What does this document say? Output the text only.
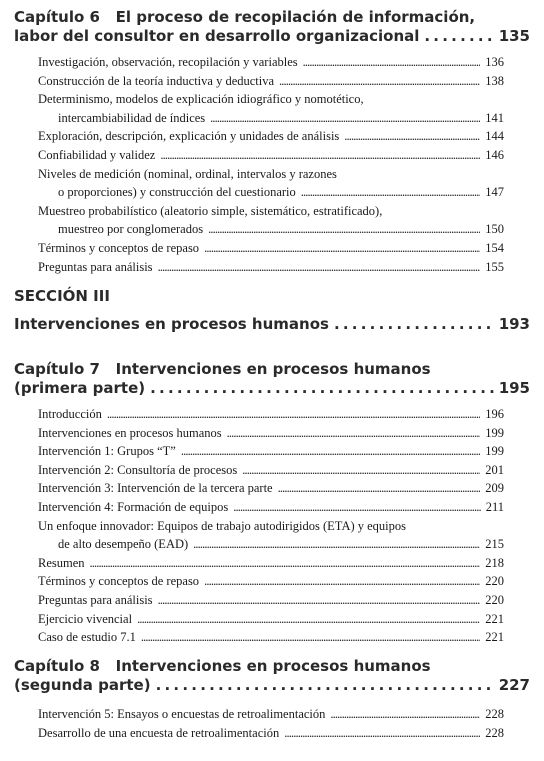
Capítulo 6   El proceso de recopilación de información,
labor del consultor en desarrollo organizacional . . .	135
Investigación, observación, recopilación y variables . . .	136
Construcción de la teoría inductiva y deductiva . . .	138
Determinismo, modelos de explicación idiográfico y nomotético,
intercambiabilidad de índices . . .	141
Exploración, descripción, explicación y unidades de análisis . . .	144
Confiabilidad y validez . . .	146
Niveles de medición (nominal, ordinal, intervalos y razones
o proporciones) y construcción del cuestionario . . .	147
Muestreo probabilístico (aleatorio simple, sistemático, estratificado),
muestreo por conglomerados . . .	150
Términos y conceptos de repaso . . .	154
Preguntas para análisis . . .	155
SECCIÓN III
Intervenciones en procesos humanos . . .	193
Capítulo 7   Intervenciones en procesos humanos
(primera parte) . . .	195
Introducción . . .	196
Intervenciones en procesos humanos . . .	199
Intervención 1: Grupos “T” . . .	199
Intervención 2: Consultoría de procesos . . .	201
Intervención 3: Intervención de la tercera parte . . .	209
Intervención 4: Formación de equipos . . .	211
Un enfoque innovador: Equipos de trabajo autodirigidos (ETA) y equipos
de alto desempeño (EAD) . . .	215
Resumen . . .	218
Términos y conceptos de repaso . . .	220
Preguntas para análisis . . .	220
Ejercicio vivencial . . .	221
Caso de estudio 7.1 . . .	221
Capítulo 8   Intervenciones en procesos humanos
(segunda parte) . . .	227
Intervención 5: Ensayos o encuestas de retroalimentación . . .	228
Desarrollo de una encuesta de retroalimentación . . .	228
